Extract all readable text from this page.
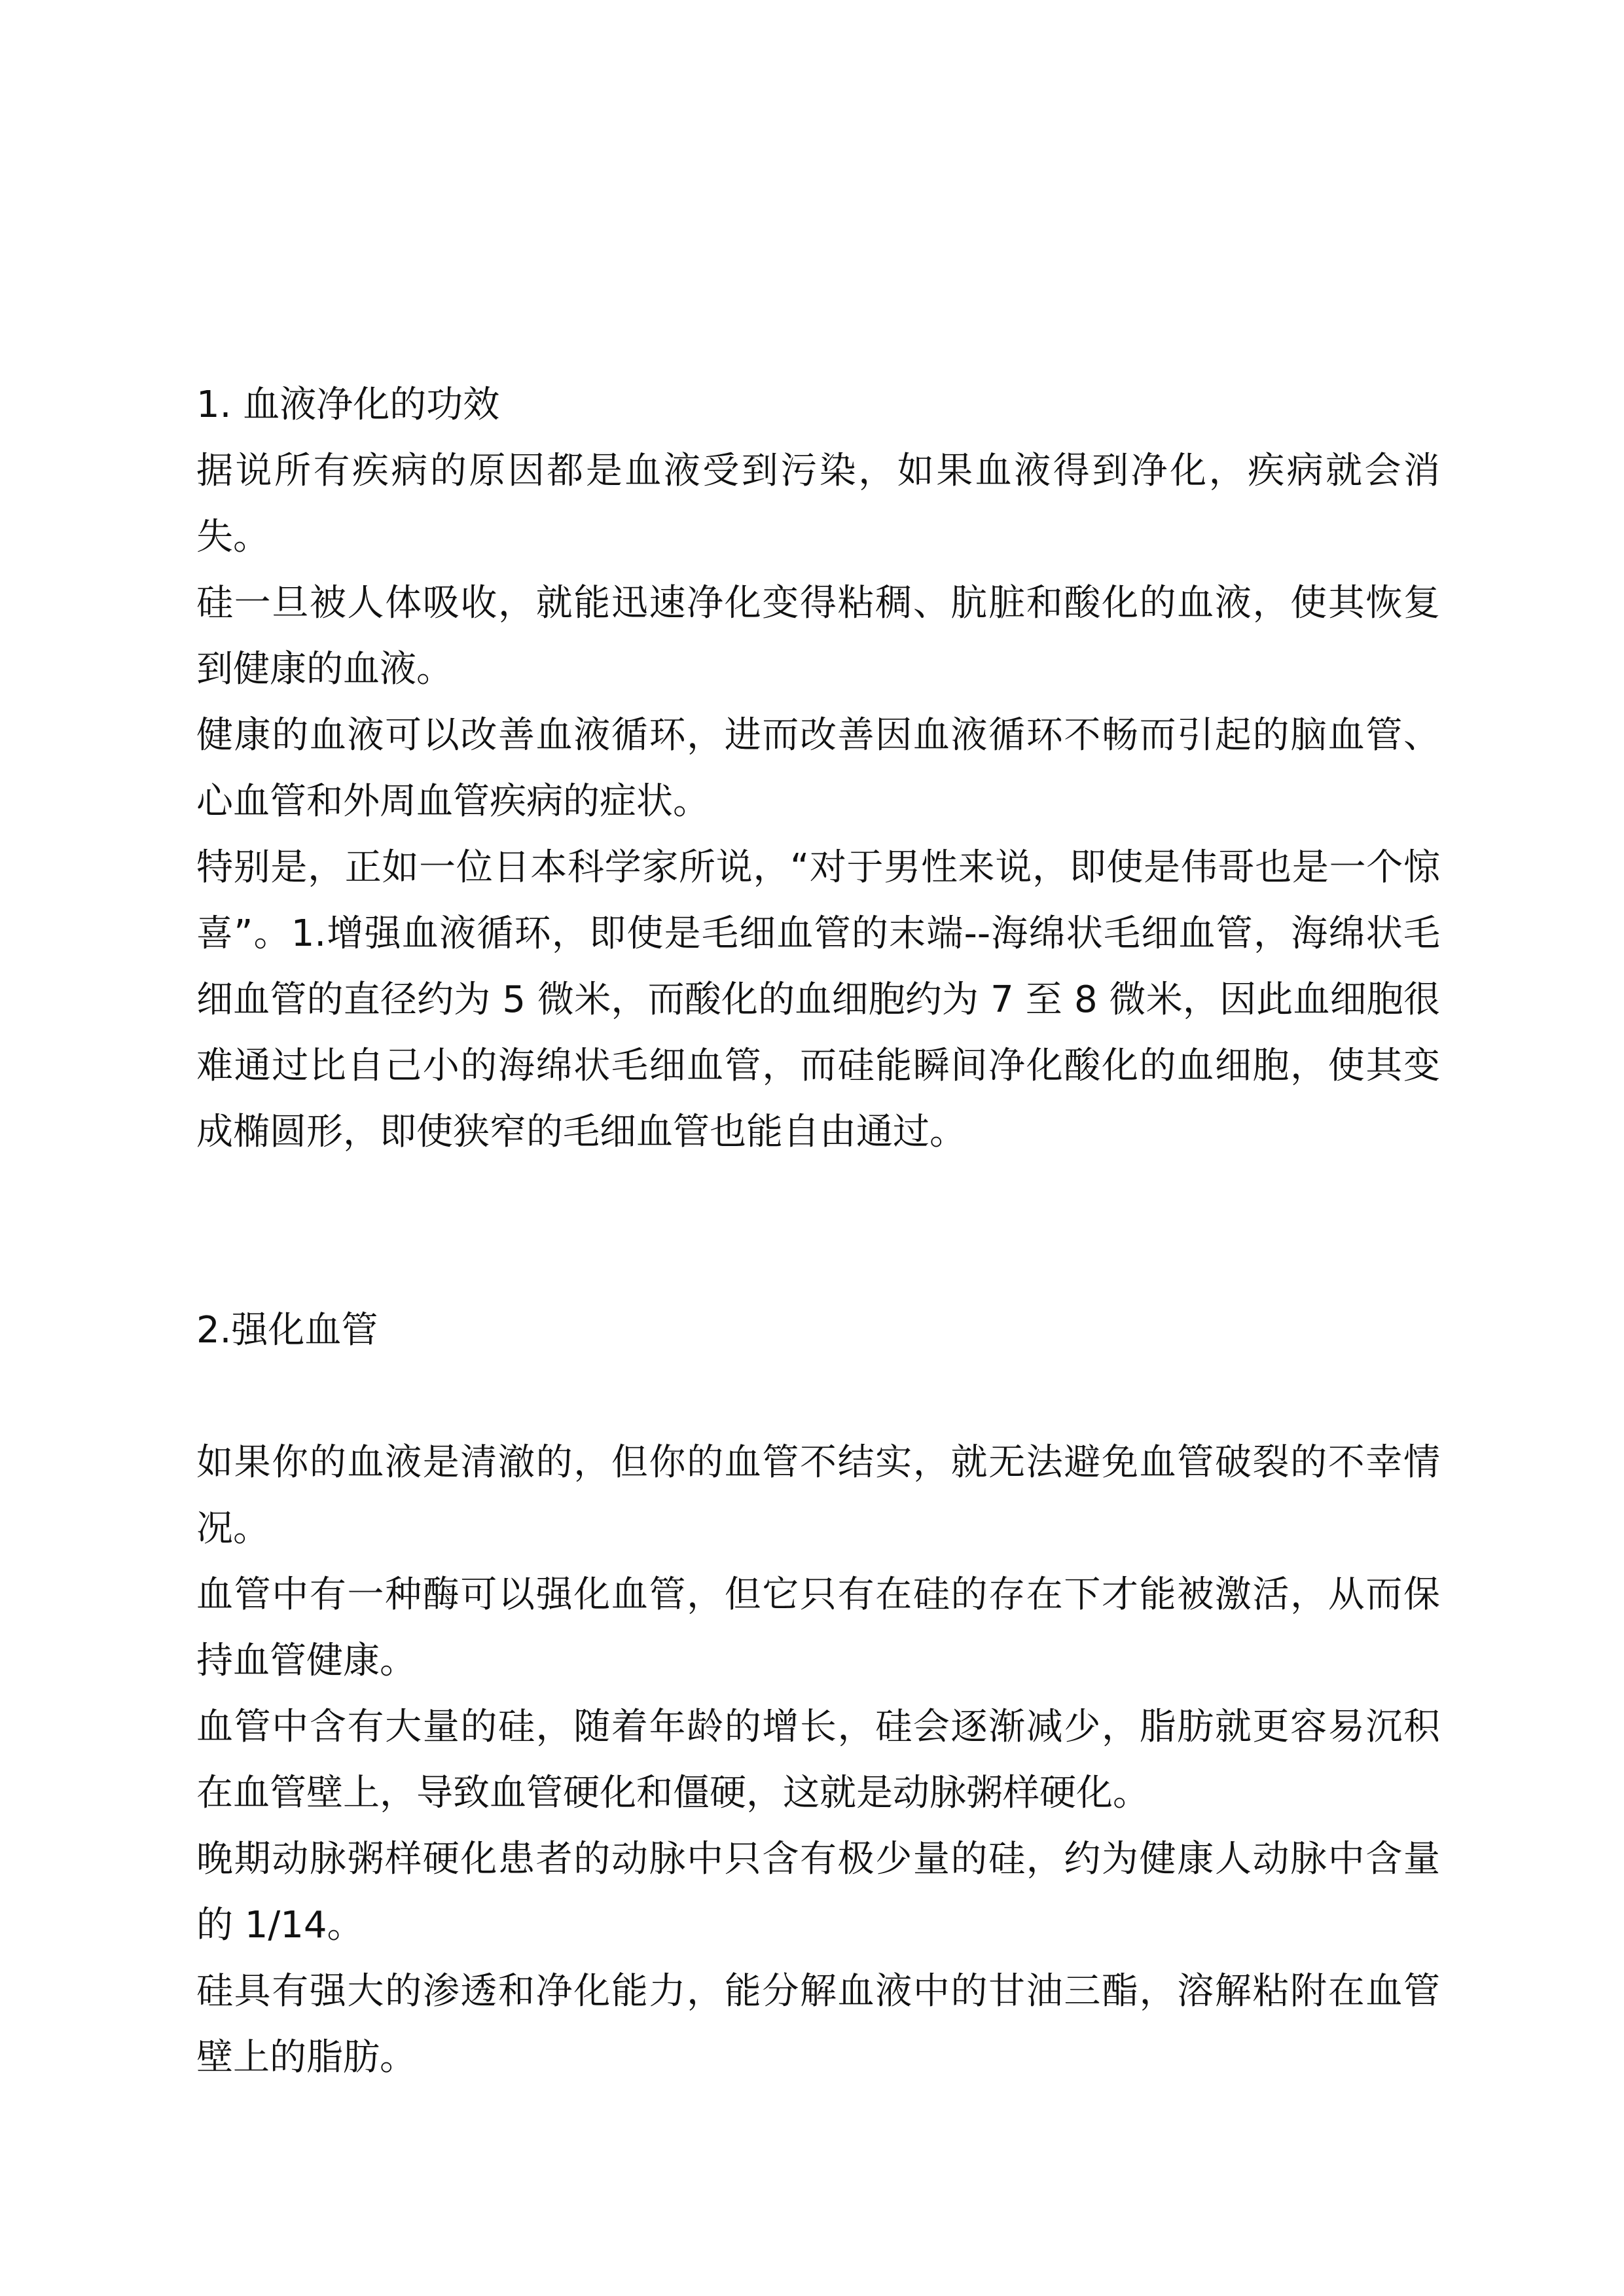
1. 血液净化的功效

据说所有疾病的原因都是血液受到污染，如果血液得到净化，疾病就会消失。

硅一旦被人体吸收，就能迅速净化变得粘稠、肮脏和酸化的血液，使其恢复到健康的血液。

健康的血液可以改善血液循环，进而改善因血液循环不畅而引起的脑血管、心血管和外周血管疾病的症状。

特别是，正如一位日本科学家所说，“对于男性来说，即使是伟哥也是一个惊喜”。1.增强血液循环，即使是毛细血管的末端--海绵状毛细血管，海绵状毛细血管的直径约为 5 微米，而酸化的血细胞约为 7 至 8 微米，因此血细胞很难通过比自己小的海绵状毛细血管，而硅能瞬间净化酸化的血细胞，使其变成椭圆形，即使狭窄的毛细血管也能自由通过。

2.强化血管

如果你的血液是清澈的，但你的血管不结实，就无法避免血管破裂的不幸情况。

血管中有一种酶可以强化血管，但它只有在硅的存在下才能被激活，从而保持血管健康。

血管中含有大量的硅，随着年龄的增长，硅会逐渐减少，脂肪就更容易沉积在血管壁上，导致血管硬化和僵硬，这就是动脉粥样硬化。

晚期动脉粥样硬化患者的动脉中只含有极少量的硅，约为健康人动脉中含量的 1/14。

硅具有强大的渗透和净化能力，能分解血液中的甘油三酯，溶解粘附在血管壁上的脂肪。
